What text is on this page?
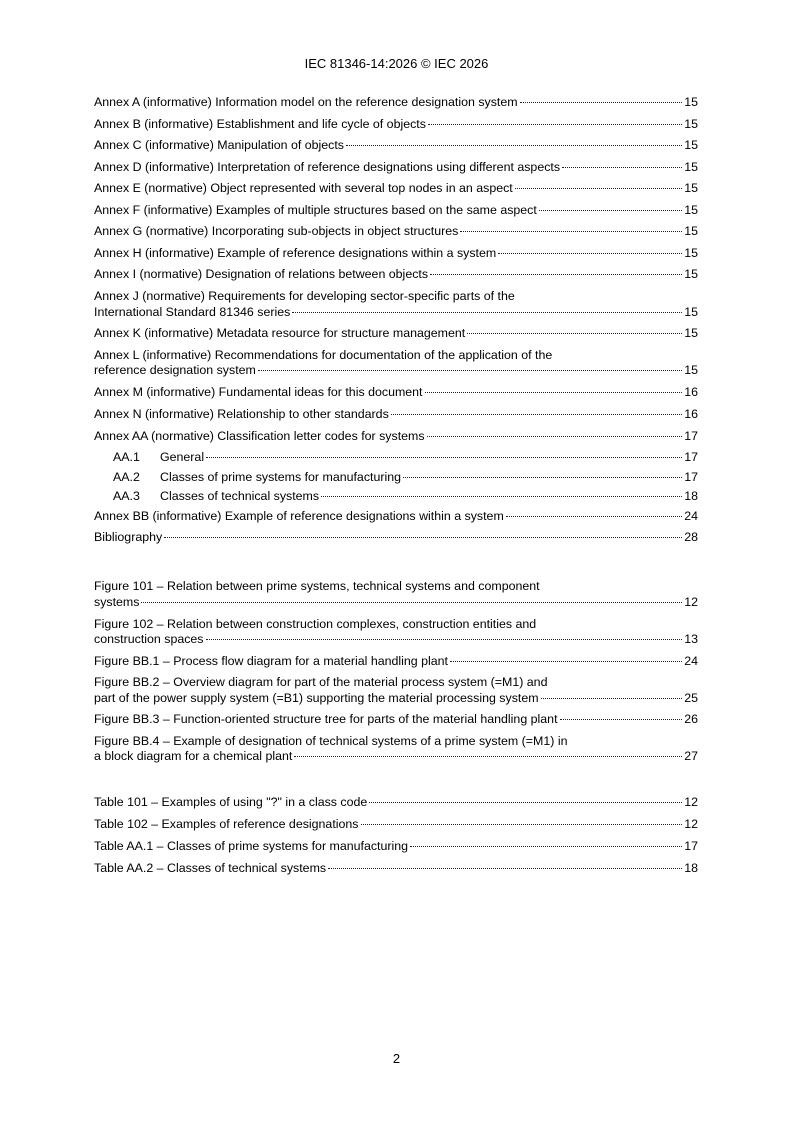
IEC 81346-14:2026 © IEC 2026
Annex A (informative) Information model on the reference designation system	15
Annex B (informative) Establishment and life cycle of objects	15
Annex C (informative) Manipulation of objects	15
Annex D (informative) Interpretation of reference designations using different aspects	15
Annex E (normative) Object represented with several top nodes in an aspect	15
Annex F (informative) Examples of multiple structures based on the same aspect	15
Annex G (normative) Incorporating sub-objects in object structures	15
Annex H (informative) Example of reference designations within a system	15
Annex I (normative) Designation of relations between objects	15
Annex J (normative) Requirements for developing sector-specific parts of the
International Standard 81346 series	15
Annex K (informative) Metadata resource for structure management	15
Annex L (informative) Recommendations for documentation of the application of the
reference designation system	15
Annex M (informative) Fundamental ideas for this document	16
Annex N (informative) Relationship to other standards	16
Annex AA (normative) Classification letter codes for systems	17
AA.1 General	17
AA.2 Classes of prime systems for manufacturing	17
AA.3 Classes of technical systems	18
Annex BB (informative) Example of reference designations within a system	24
Bibliography	28
Figure 101 – Relation between prime systems, technical systems and component
systems	12
Figure 102 – Relation between construction complexes, construction entities and
construction spaces	13
Figure BB.1 – Process flow diagram for a material handling plant	24
Figure BB.2 – Overview diagram for part of the material process system (=M1) and
part of the power supply system (=B1) supporting the material processing system	25
Figure BB.3 – Function-oriented structure tree for parts of the material handling plant	26
Figure BB.4 – Example of designation of technical systems of a prime system (=M1) in
a block diagram for a chemical plant	27
Table 101 – Examples of using "?" in a class code	12
Table 102 – Examples of reference designations	12
Table AA.1 – Classes of prime systems for manufacturing	17
Table AA.2 – Classes of technical systems	18
2
